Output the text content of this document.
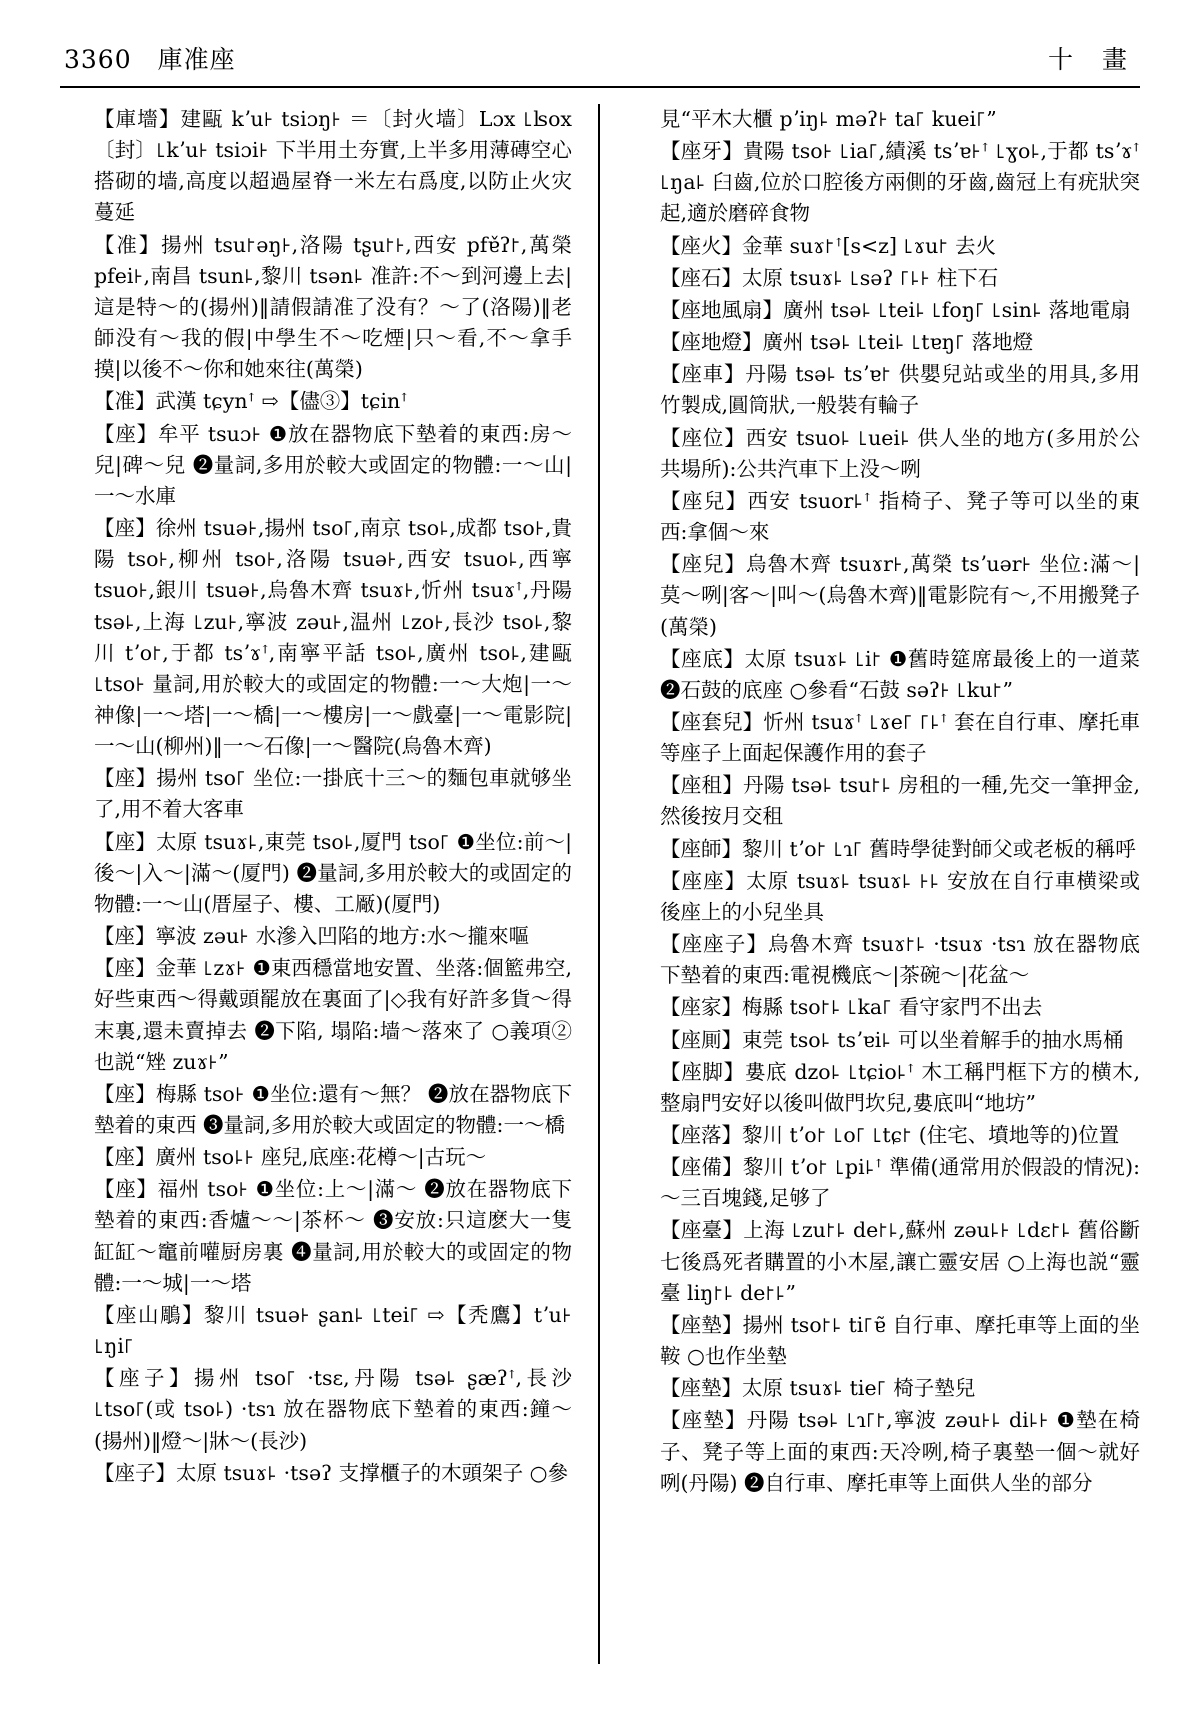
3360 庫准座	十 畫

【庫墻】建甌 kʼu꜔ tsiɔŋ꜔ ＝〔封火墙〕Lɔx ꜖ʪox〔封〕꜖kʼu꜔ tsiɔi꜔ 下半用土夯實,上半多用薄磚空心搭砌的墙,高度以超過屋脊一米左右爲度,以防止火灾蔓延

【准】揚州 tsu꜓əŋ꜔,洛陽 tʂu꜓꜔,西安 pfɐ̌ʔ꜓,萬榮 pfei꜔,南昌 tsun꜕,黎川 tsən꜕ 准許:不～到河邊上去|這是特～的(揚州)‖請假請准了没有？～了(洛陽)‖老師没有～我的假|中學生不～吃煙|只～看,不～拿手摸|以後不～你和她來往(萬榮)

【准】武漢 tɕynꜛ ⇨【儘③】tɕinꜛ

【座】牟平 tsuɔ꜔ ❶放在器物底下墊着的東西:房～兒|碑～兒 ❷量詞,多用於較大或固定的物體:一～山|一～水庫

【座】徐州 tsuə꜔,揚州 tso꜒,南京 tso꜕,成都 tso꜔,貴陽 tso꜔,柳州 tso꜔,洛陽 tsuə꜔,西安 tsuo꜕,西寧 tsuo꜔,銀川 tsuə꜔,烏魯木齊 tsuɤ꜔,忻州 tsuɤꜛ,丹陽 tsə꜕,上海 ꜖zu꜔,寧波 zəu꜔,温州 ꜖zo꜔,長沙 tso꜕,黎川 tʼo꜓,于都 tsʼɤꜛ,南寧平話 tso꜕,廣州 tso꜕,建甌 ꜖tso꜔ 量詞,用於較大的或固定的物體:一～大炮|一～神像|一～塔|一～橋|一～樓房|一～戲臺|一～電影院|一～山(柳州)‖一～石像|一～醫院(烏魯木齊)

【座】揚州 tso꜒ 坐位:一掛㡳十三～的麵包車就够坐了,用不着大客車

【座】太原 tsuɤ꜕,東莞 tso꜕,厦門 tso꜒ ❶坐位:前～|後～|入～|滿～(厦門) ❷量詞,多用於較大的或固定的物體:一～山(厝屋子、樓、工厰)(厦門)

【座】寧波 zəu꜔ 水滲入凹陷的地方:水～攏來嘔

【座】金華 ꜖zɤ꜔ ❶東西穩當地安置、坐落:個籃弗空,好些東西～得戴頭罷放在裏面了|◇我有好許多貨～得末裏,還未賣掉去 ❷下陷, 塌陷:墙～落來了 ○義項②也説“矬 zuɤ꜔”

【座】梅縣 tso꜔ ❶坐位:還有～無？ ❷放在器物底下墊着的東西 ❸量詞,多用於較大或固定的物體:一～橋

【座】廣州 tso꜕꜔ 座兒,底座:花樽～|古玩～

【座】福州 tso꜔ ❶坐位:上～|滿～ ❷放在器物底下墊着的東西:香爐～～|茶杯～ ❸安放:只這麽大一隻缸缸～竈前嚾厨房裏 ❹量詞,用於較大的或固定的物體:一～城|一～塔

【座山鵰】黎川 tsuə꜔ ʂan꜕ ꜖tei꜒ ⇨【秃鷹】tʼu꜔ ꜖ŋi꜒

【座子】揚州 tso꜒ ·tsɛ,丹陽 tsə꜕ ʂæʔꜛ,長沙 ꜖tso꜒(或 tso꜕) ·tsɿ 放在器物底下墊着的東西:鐘～(揚州)‖燈～|牀～(長沙)

【座子】太原 tsuɤ꜕ ·tsəʔ 支撑櫃子的木頭架子 ○參

見“平木大櫃 pʼiŋ꜕ məʔ꜔ ta꜒ kuei꜒”

【座牙】貴陽 tso꜔ ꜖ia꜒,績溪 tsʼɐ꜔ꜛ ꜖ɣo꜕,于都 tsʼɤꜛ ꜖ŋa꜕ 臼齒,位於口腔後方兩側的牙齒,齒冠上有疣狀突起,適於磨碎食物

【座火】金華 suɤ꜓ꜛ[s<z] ꜖ɤu꜓ 去火

【座石】太原 tsuɤ꜕ ꜖səʔ ꜒꜕꜔ 柱下石

【座地風扇】廣州 tsə꜕ ꜖tei꜕ ꜖foŋ꜒ ꜖sin꜕ 落地電扇

【座地燈】廣州 tsə꜕ ꜖tei꜕ ꜖tɐŋ꜒ 落地燈

【座車】丹陽 tsə꜕ tsʼɐ꜓ 供嬰兒站或坐的用具,多用竹製成,圓筒狀,一般裝有輪子

【座位】西安 tsuo꜕ ꜖uei꜕ 供人坐的地方(多用於公共場所):公共汽車下上没～咧

【座兒】西安 tsuor꜕ꜛ 指椅子、凳子等可以坐的東西:拿個～來

【座兒】烏魯木齊 tsuɤr꜔,萬榮 tsʼuər꜔ 坐位:滿～|莫～咧|客～|叫～(烏魯木齊)‖電影院有～,不用搬凳子(萬榮)

【座底】太原 tsuɤ꜕ ꜖i꜓ ❶舊時筵席最後上的一道菜 ❷石鼓的底座 ○參看“石鼓 səʔ꜔ ꜖ku꜓”

【座套兒】忻州 tsuɤꜛ ꜖ɤe꜒ ꜒꜕ꜛ 套在自行車、摩托車等座子上面起保護作用的套子

【座租】丹陽 tsə꜕ tsu꜓꜕ 房租的一種,先交一筆押金,然後按月交租

【座師】黎川 tʼo꜓ ꜖ɿ꜒ 舊時學徒對師父或老板的稱呼

【座座】太原 tsuɤ꜕ tsuɤ꜕ ꜔꜕ 安放在自行車横梁或後座上的小兒坐具

【座座子】烏魯木齊 tsuɤ꜓꜕ ·tsuɤ ·tsɿ 放在器物底下墊着的東西:電視機底～|茶碗～|花盆～

【座家】梅縣 tso꜓꜕ ꜖ka꜒ 看守家門不出去

【座厠】東莞 tso꜕ tsʼɐi꜕ 可以坐着解手的抽水馬桶

【座脚】婁底 dzo꜕ ꜖tɕio꜕ꜛ 木工稱門框下方的横木,整扇門安好以後叫做門坎兒,婁底叫“地坊”

【座落】黎川 tʼo꜓ ꜖o꜒ ꜖tɕ꜓ (住宅、墳地等的)位置

【座備】黎川 tʼo꜓ ꜖pi꜕ꜛ 準備(通常用於假設的情況):～三百塊錢,足够了

【座臺】上海 ꜖zu꜓꜕ de꜓꜕,蘇州 zəu꜕꜔ ꜖dɛ꜓꜕ 舊俗斷七後爲死者購置的小木屋,讓亡靈安居 ○上海也説“靈臺 liŋ꜓꜕ de꜓꜕”

【座墊】揚州 tso꜓꜕ ti꜒ɐ̃ 自行車、摩托車等上面的坐鞍 ○也作坐墊

【座墊】太原 tsuɤ꜕ tie꜒ 椅子墊兒

【座墊】丹陽 tsə꜕ ꜖ɿ꜒꜓,寧波 zəu꜔꜕ di꜕꜔ ❶墊在椅子、凳子等上面的東西:天冷咧,椅子裏墊一個～就好咧(丹陽) ❷自行車、摩托車等上面供人坐的部分
